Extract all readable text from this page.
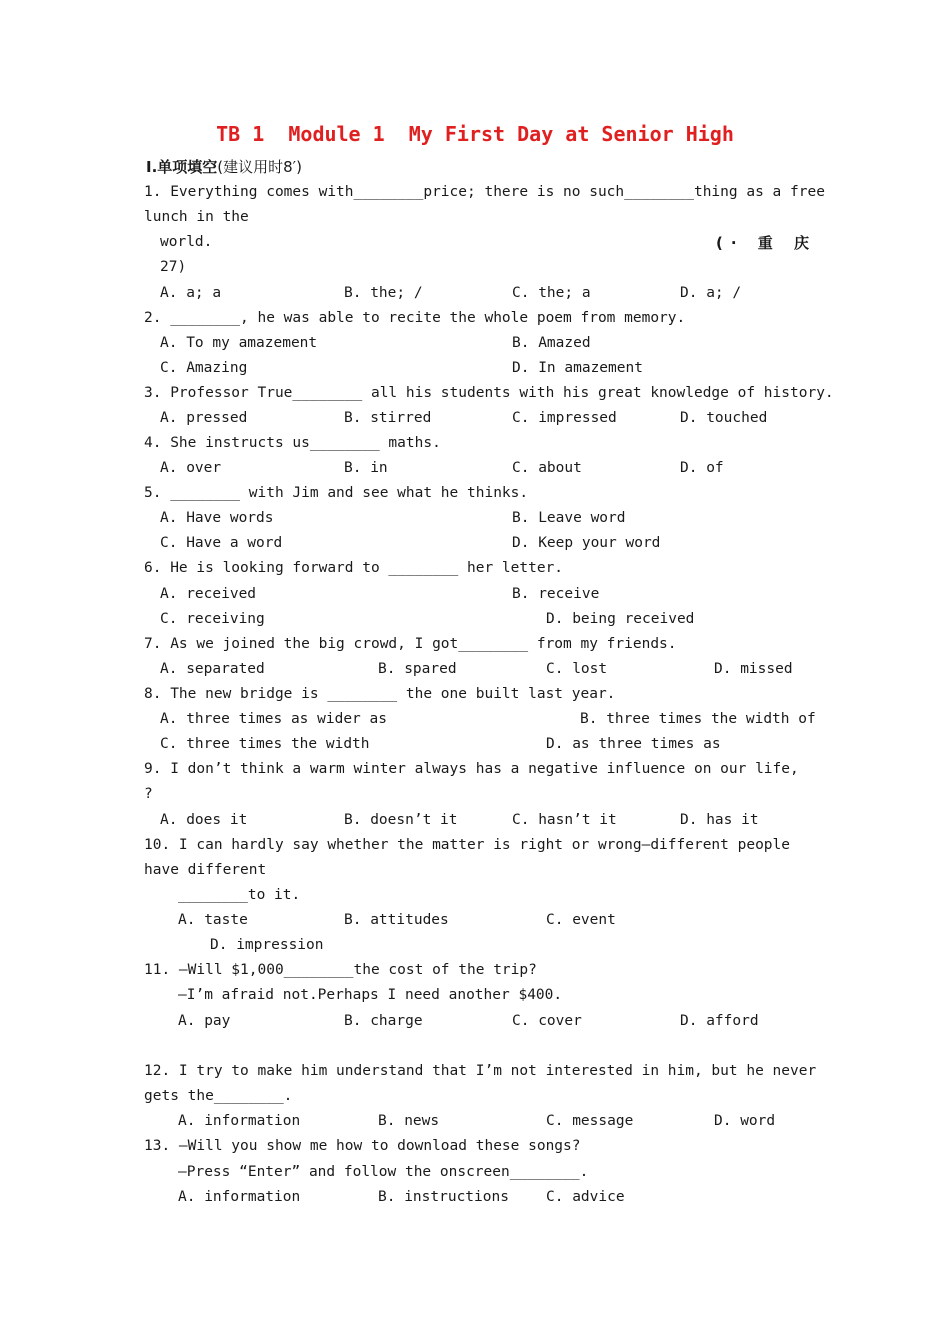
TB 1  Module 1  My First Day at Senior High
Ⅰ.单项填空(建议用时8′)
(· 重 庆
1. Everything comes with________price; there is no such________thing as a free
lunch in the
world.
27)
A. a; a	B. the; /	C. the; a	D. a; /
2. ________, he was able to recite the whole poem from memory.
A. To my amazement	B. Amazed
C. Amazing	D. In amazement
3. Professor True________ all his students with his great knowledge of history.
A. pressed	B. stirred	C. impressed	D. touched
4. She instructs us________ maths.
A. over	B. in	C. about	D. of
5. ________ with Jim and see what he thinks.
A. Have words	B. Leave word
C. Have a word	D. Keep your word
6. He is looking forward to ________ her letter.
A. received	B. receive
C. receiving	D. being received
7. As we joined the big crowd, I got________ from my friends.
A. separated	B. spared	C. lost	D. missed
8. The new bridge is ________ the one built last year.
A. three times as wider as	B. three times the width of
C. three times the width	D. as three times as
9. I don’t think a warm winter always has a negative influence on our life,
?
A. does it	B. doesn’t it	C. hasn’t it	D. has it
10. I can hardly say whether the matter is right or wrong—different people
have different
________to it.
A. taste	B. attitudes	C. event
D. impression
11. —Will $1,000________the cost of the trip?
—I’m afraid not.Perhaps I need another $400.
A. pay	B. charge	C. cover	D. afford
12. I try to make him understand that I’m not interested in him, but he never
gets the________.
A. information	B. news	C. message	D. word
13. —Will you show me how to download these songs?
—Press “Enter” and follow the onscreen________.
A. information	B. instructions	C. advice
